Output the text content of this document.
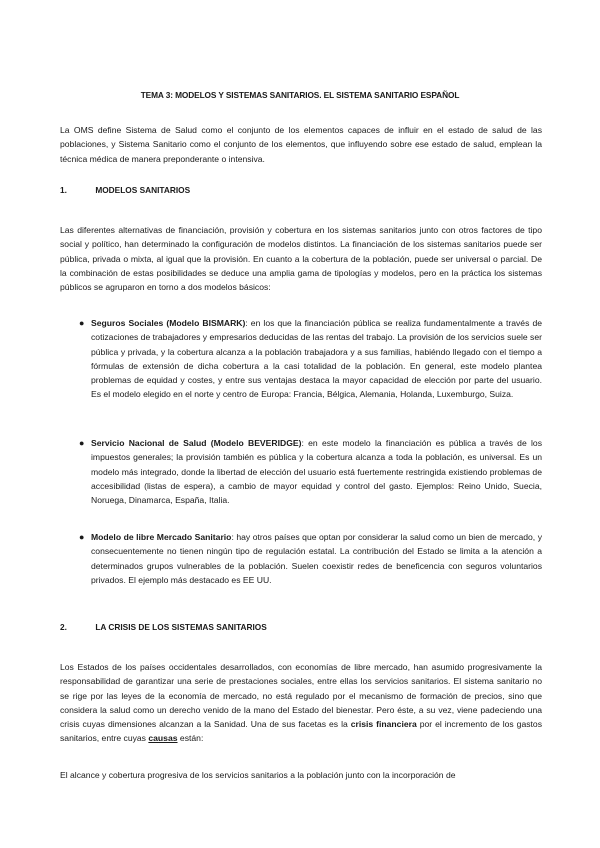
TEMA 3: MODELOS Y SISTEMAS SANITARIOS. EL SISTEMA SANITARIO ESPAÑOL

La OMS define Sistema de Salud como el conjunto de los elementos capaces de influir en el estado de salud de las poblaciones, y Sistema Sanitario como el conjunto de los elementos, que influyendo sobre ese estado de salud, emplean la técnica médica de manera preponderante o intensiva.

1.	MODELOS SANITARIOS

Las diferentes alternativas de financiación, provisión y cobertura en los sistemas sanitarios junto con otros factores de tipo social y político, han determinado la configuración de modelos distintos. La financiación de los sistemas sanitarios puede ser pública, privada o mixta, al igual que la provisión. En cuanto a la cobertura de la población, puede ser universal o parcial. De la combinación de estas posibilidades se deduce una amplia gama de tipologías y modelos, pero en la práctica los sistemas públicos se agruparon en torno a dos modelos básicos:

● Seguros Sociales (Modelo BISMARK): en los que la financiación pública se realiza fundamentalmente a través de cotizaciones de trabajadores y empresarios deducidas de las rentas del trabajo. La provisión de los servicios suele ser pública y privada, y la cobertura alcanza a la población trabajadora y a sus familias, habiéndo llegado con el tiempo a fórmulas de extensión de dicha cobertura a la casi totalidad de la población. En general, este modelo plantea problemas de equidad y costes, y entre sus ventajas destaca la mayor capacidad de elección por parte del usuario. Es el modelo elegido en el norte y centro de Europa: Francia, Bélgica, Alemania, Holanda, Luxemburgo, Suiza.

● Servicio Nacional de Salud (Modelo BEVERIDGE): en este modelo la financiación es pública a través de los impuestos generales; la provisión también es pública y la cobertura alcanza a toda la población, es universal. Es un modelo más integrado, donde la libertad de elección del usuario está fuertemente restringida existiendo problemas de accesibilidad (listas de espera), a cambio de mayor equidad y control del gasto. Ejemplos: Reino Unido, Suecia, Noruega, Dinamarca, España, Italia.

● Modelo de libre Mercado Sanitario: hay otros países que optan por considerar la salud como un bien de mercado, y consecuentemente no tienen ningún tipo de regulación estatal. La contribución del Estado se limita a la atención a determinados grupos vulnerables de la población. Suelen coexistir redes de beneficencia con seguros voluntarios privados. El ejemplo más destacado es EE UU.

2.	LA CRISIS DE LOS SISTEMAS SANITARIOS

Los Estados de los países occidentales desarrollados, con economías de libre mercado, han asumido progresivamente la responsabilidad de garantizar una serie de prestaciones sociales, entre ellas los servicios sanitarios. El sistema sanitario no se rige por las leyes de la economía de mercado, no está regulado por el mecanismo de formación de precios, sino que considera la salud como un derecho venido de la mano del Estado del bienestar. Pero éste, a su vez, viene padeciendo una crisis cuyas dimensiones alcanzan a la Sanidad. Una de sus facetas es la crisis financiera por el incremento de los gastos sanitarios, entre cuyas causas están:

El alcance y cobertura progresiva de los servicios sanitarios a la población junto con la incorporación de
